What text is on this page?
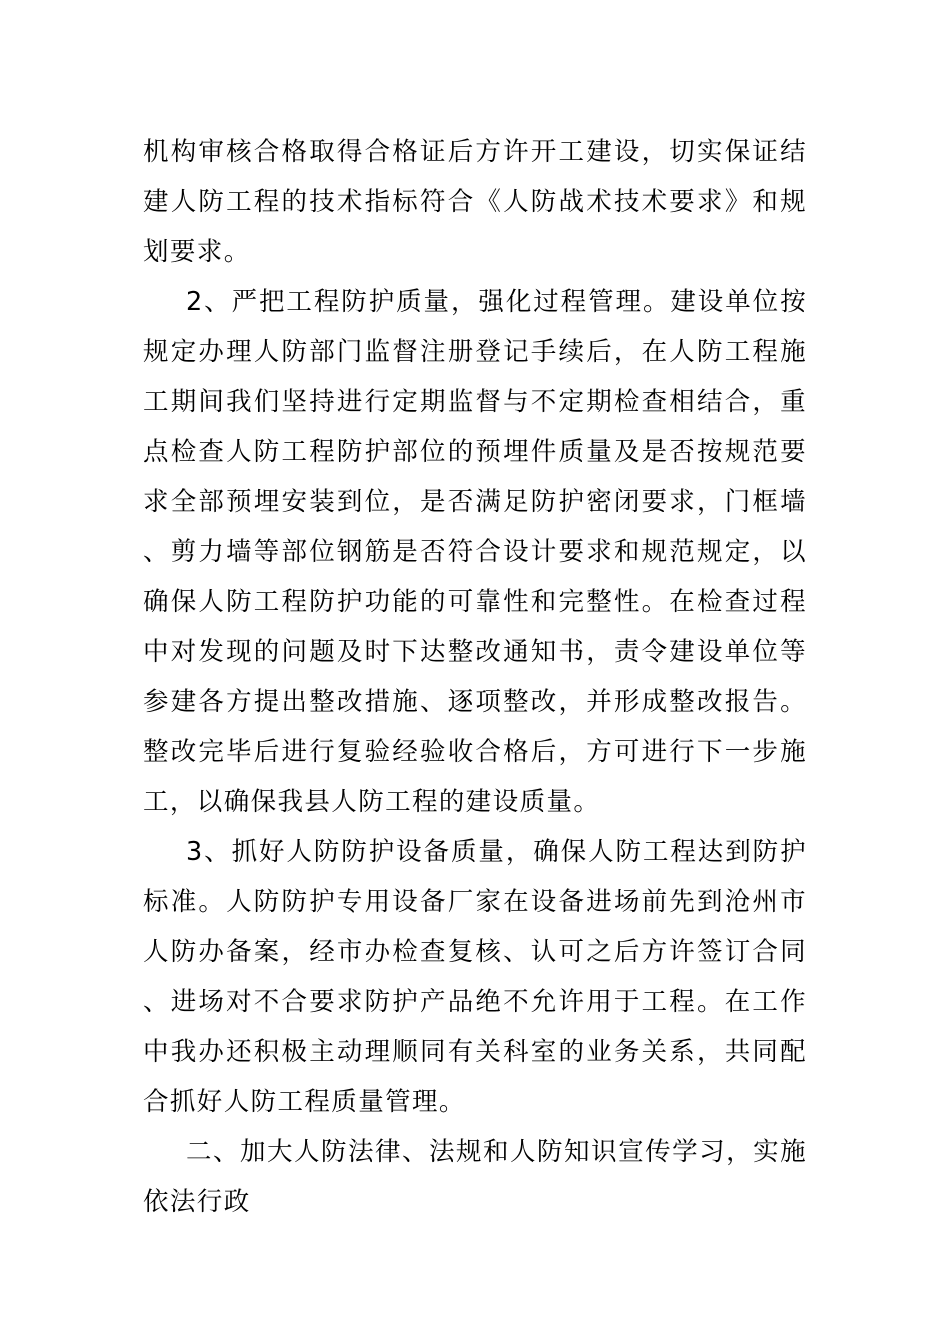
机构审核合格取得合格证后方许开工建设，切实保证结建人防工程的技术指标符合《人防战术技术要求》和规划要求。

2、严把工程防护质量，强化过程管理。建设单位按规定办理人防部门监督注册登记手续后，在人防工程施工期间我们坚持进行定期监督与不定期检查相结合，重点检查人防工程防护部位的预埋件质量及是否按规范要求全部预埋安装到位，是否满足防护密闭要求，门框墙、剪力墙等部位钢筋是否符合设计要求和规范规定，以确保人防工程防护功能的可靠性和完整性。在检查过程中对发现的问题及时下达整改通知书，责令建设单位等参建各方提出整改措施、逐项整改，并形成整改报告。整改完毕后进行复验经验收合格后，方可进行下一步施工，以确保我县人防工程的建设质量。

3、抓好人防防护设备质量，确保人防工程达到防护标准。人防防护专用设备厂家在设备进场前先到沧州市人防办备案，经市办检查复核、认可之后方许签订合同、进场对不合要求防护产品绝不允许用于工程。在工作中我办还积极主动理顺同有关科室的业务关系，共同配合抓好人防工程质量管理。

二、加大人防法律、法规和人防知识宣传学习，实施依法行政
